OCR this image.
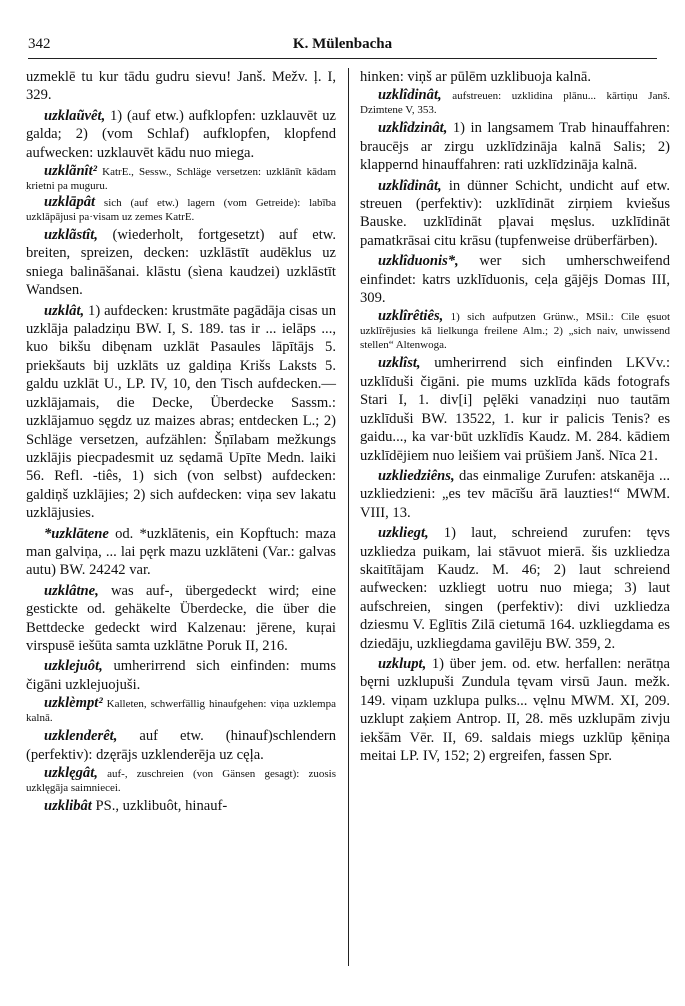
342	K. Mülenbacha

uzmeklē tu kur tādu gudru sievu! Janš. Mežv. ļ. I, 329.

uzklaũvêt, 1) (auf etw.) aufklopfen: uzklauvēt uz galda; 2) (vom Schlaf) aufklopfen, klopfend aufwecken: uzklauvēt kādu nuo miega.

uzklãnît² KatrE., Sessw., Schläge versetzen: uzklānīt kādam krietni pa muguru.

uzklāpât sich (auf etw.) lagern (vom Getreide): labība uzklāpājusi pa·visam uz zemes KatrE.

uzklãstît, (wiederholt, fortgesetzt) auf etw. breiten, spreizen, decken: uzklāstīt audēklus uz sniega balināšanai. klāstu (sìena kaudzei) uzklāstīt Wandsen.

uzklât, 1) aufdecken: krustmāte pagādāja cisas un uzklāja paladziņu BW. I, S. 189. tas ir ... ielāps ..., kuo bikšu dibęnam uzklāt Pasaules lāpītājs 5. priekšauts bij uzklāts uz galdiņa Krišs Laksts 5. galdu uzklāt U., LP. IV, 10, den Tisch aufdecken.— uzklājamais, die Decke, Überdecke Sassm.: uzklājamuo sęgdz uz maizes abras; entdecken L.; 2) Schläge versetzen, aufzählen: Šņīlabam mežkungs uzklājis piecpadesmit uz sędamā Upīte Medn. laiki 56. Refl. -tiês, 1) sich (von selbst) aufdecken: galdiņš uzklājies; 2) sich aufdecken: viņa sev lakatu uzklājusies.

*uzklātene od. *uzklātenis, ein Kopftuch: maza man galviņa, ... lai pęrk mazu uzklāteni (Var.: galvas autu) BW. 24242 var.

uzklâtne, was auf-, übergedeckt wird; eine gestickte od. gehäkelte Überdecke, die über die Bettdecke gedeckt wird Kalzenau: jērene, kuŗai virspusē iešūta samta uzklātne Poruk II, 216.

uzklejuôt, umherirrend sich einfinden: mums čigāni uzklejuojuši.

uzklèmpt² Kalleten, schwerfällig hinaufgehen: viņa uzklempa kalnā.

uzklenderêt, auf etw. (hinauf)schlendern (perfektiv): dzęrājs uzklenderēja uz cęļa.

uzklęgât, auf-, zuschreien (von Gänsen gesagt): zuosis uzklęgāja saimniecei.

uzklibât PS., uzklibuôt, hinauf-

hinken: viņš ar pūlēm uzklibuoja kalnā.

uzklîdinât, aufstreuen: uzklidina plānu... kārtiņu Janš. Dzimtene V, 353.

uzklîdzinât, 1) in langsamem Trab hinauffahren: braucējs ar zirgu uzklīdzināja kalnā Salis; 2) klappernd hinauffahren: rati uzklīdzināja kalnā.

uzklîdinât, in dünner Schicht, undicht auf etw. streuen (perfektiv): uzklīdināt zirņiem kviešus Bauske. uzklīdināt pļavai męslus. uzklīdināt pamatkrāsai citu krāsu (tupfenweise drüberfärben).

uzklîduonis*, wer sich umherschweifend einfindet: katrs uzklīduonis, ceļa gājējs Domas III, 309.

uzklîrêtiês, 1) sich aufputzen Grünw., MSil.: Cile ęsuot uzklīrējusies kā lielkunga freilene Alm.; 2) „sich naiv, unwissend stellen“ Altenwoga.

uzklîst, umherirrend sich einfinden LKVv.: uzklīduši čigāni. pie mums uzklīda kāds fotografs Stari I, 1. div[i] pęlēki vanadziņi nuo tautām uzklīduši BW. 13522, 1. kur ir palicis Tenis? es gaidu..., ka var·būt uzklīdīs Kaudz. M. 284. kādiem uzklīdējiem nuo leišiem vai prūšiem Janš. Nīca 21.

uzkliedziêns, das einmalige Zurufen: atskanēja ... uzkliedzieni: „es tev mācīšu ārā lauzties!“ MWM. VIII, 13.

uzkliegt, 1) laut, schreiend zurufen: tęvs uzkliedza puikam, lai stāvuot mierā. šis uzkliedza skaitītājam Kaudz. M. 46; 2) laut schreiend aufwecken: uzkliegt uotru nuo miega; 3) laut aufschreien, singen (perfektiv): divi uzkliedza dziesmu V. Eglītis Zilā cietumā 164. uzkliegdama es dziedāju, uzkliegdama gavilēju BW. 359, 2.

uzklupt, 1) über jem. od. etw. herfallen: nerātņa bęrni uzklupuši Zundula tęvam virsū Jaun. mežk. 149. viņam uzklupa pulks... vęlnu MWM. XI, 209. uzklupt zaķiem Antrop. II, 28. mēs uzklupām zivju iekšām Vēr. II, 69. saldais miegs uzklūp ķēniņa meitai LP. IV, 152; 2) ergreifen, fassen Spr.
